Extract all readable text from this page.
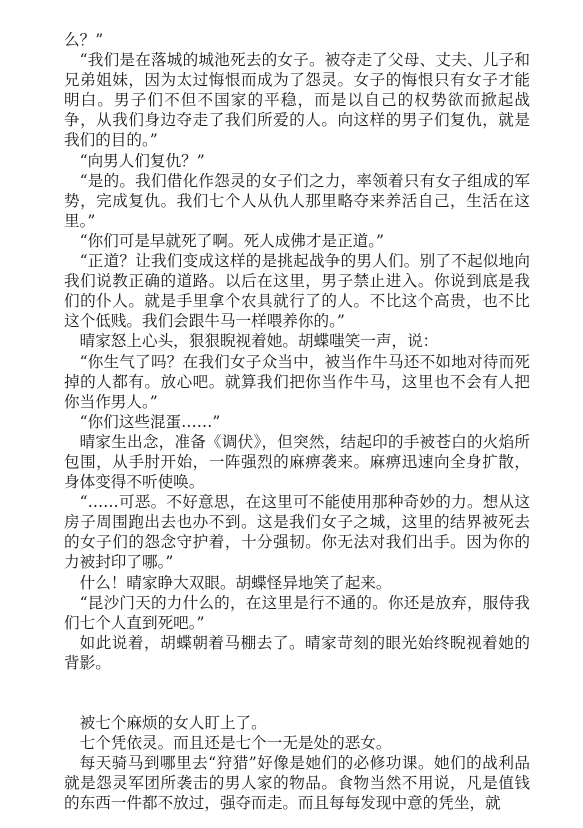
么？”

“我们是在落城的城池死去的女子。被夺走了父母、丈夫、儿子和兄弟姐妹，因为太过悔恨而成为了怨灵。女子的悔恨只有女子才能明白。男子们不但不国家的平稳，而是以自己的权势欲而掀起战争，从我们身边夺走了我们所爱的人。向这样的男子们复仇，就是我们的目的。”

“向男人们复仇？”

“是的。我们借化作怨灵的女子们之力，率领着只有女子组成的军势，完成复仇。我们七个人从仇人那里略夺来养活自己，生活在这里。”

“你们可是早就死了啊。死人成佛才是正道。”

“正道？让我们变成这样的是挑起战争的男人们。别了不起似地向我们说教正确的道路。以后在这里，男子禁止进入。你说到底是我们的仆人。就是手里拿个农具就行了的人。不比这个高贵，也不比这个低贱。我们会跟牛马一样喂养你的。”

晴家怒上心头，狠狠睨视着她。胡蝶嗤笑一声，说：

“你生气了吗？在我们女子众当中，被当作牛马还不如地对待而死掉的人都有。放心吧。就算我们把你当作牛马，这里也不会有人把你当作男人。”

“你们这些混蛋……”

晴家生出念，准备《调伏》，但突然，结起印的手被苍白的火焰所包围，从手肘开始，一阵强烈的麻痹袭来。麻痹迅速向全身扩散，身体变得不听使唤。

“……可恶。不好意思，在这里可不能使用那种奇妙的力。想从这房子周围跑出去也办不到。这是我们女子之城，这里的结界被死去的女子们的怨念守护着，十分强韧。你无法对我们出手。因为你的力被封印了哪。”

什么！晴家睁大双眼。胡蝶怪异地笑了起来。

“昆沙门天的力什么的，在这里是行不通的。你还是放弃，服侍我们七个人直到死吧。”

如此说着，胡蝶朝着马棚去了。晴家苛刻的眼光始终睨视着她的背影。

被七个麻烦的女人盯上了。

七个凭依灵。而且还是七个一无是处的恶女。

每天骑马到哪里去“狩猎”好像是她们的必修功课。她们的战利品就是怨灵军团所袭击的男人家的物品。食物当然不用说，凡是值钱的东西一件都不放过，强夺而走。而且每每发现中意的凭坐，就
